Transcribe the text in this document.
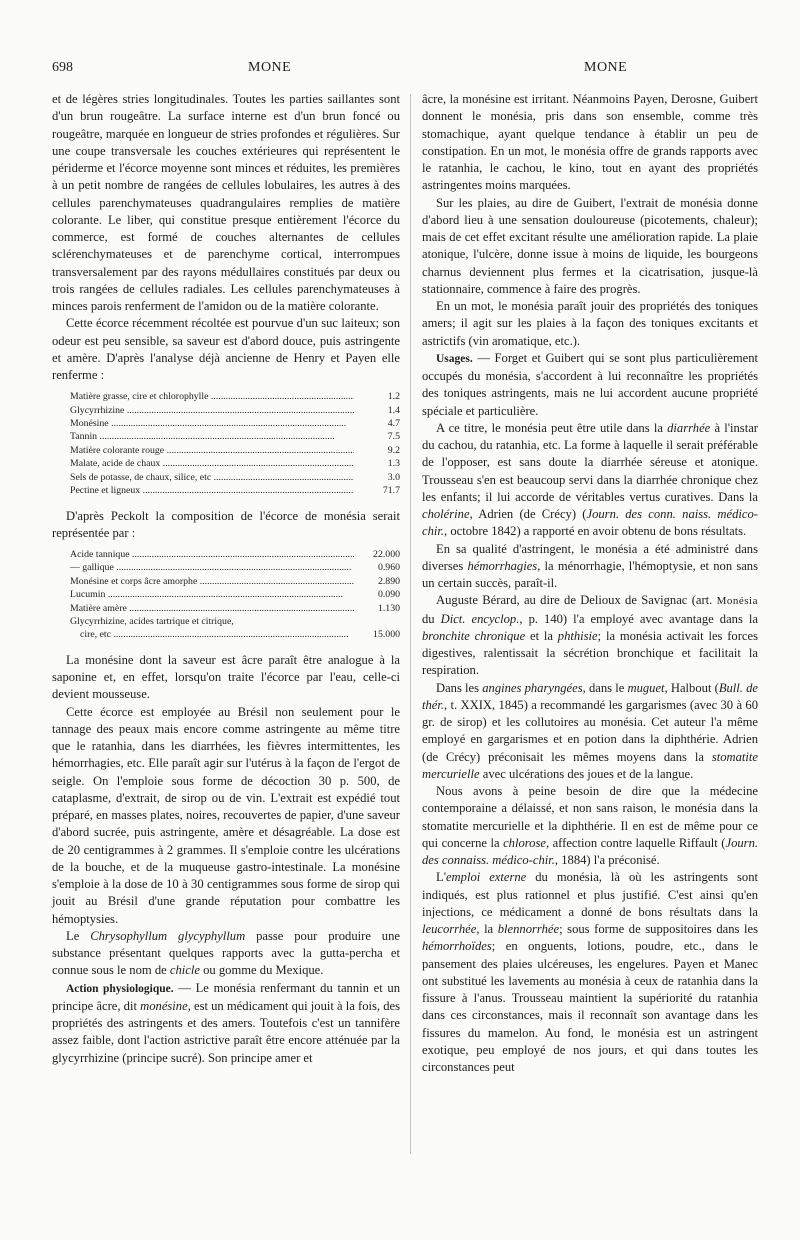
698	MONE	MONE

et de légères stries longitudinales. Toutes les parties saillantes sont d'un brun rougeâtre. La surface interne est d'un brun foncé ou rougeâtre, marquée en longueur de stries profondes et régulières. Sur une coupe transversale les couches extérieures qui représentent le périderme et l'écorce moyenne sont minces et réduites, les premières à un petit nombre de rangées de cellules lobulaires, les autres à des cellules parenchymateuses quadrangulaires remplies de matière colorante. Le liber, qui constitue presque entièrement l'écorce du commerce, est formé de couches alternantes de cellules sclérenchymateuses et de parenchyme cortical, interrompues transversalement par des rayons médullaires constitués par deux ou trois rangées de cellules radiales. Les cellules parenchymateuses à minces parois renferment de l'amidon ou de la matière colorante.

Cette écorce récemment récoltée est pourvue d'un suc laiteux; son odeur est peu sensible, sa saveur est d'abord douce, puis astringente et amère. D'après l'analyse déjà ancienne de Henry et Payen elle renferme :

Matière grasse, cire et chlorophylle .....	1.2
Glycyrrhizine .....	1.4
Monésine .....	4.7
Tannin .....	7.5
Matière colorante rouge .....	9.2
Malate, acide de chaux .....	1.3
Sels de potasse, de chaux, silice, etc .....	3.0
Pectine et ligneux .....	71.7

D'après Peckolt la composition de l'écorce de monésia serait représentée par :

Acide tannique .....	22.000
— gallique .....	0.960
Monésine et corps âcre amorphe .....	2.890
Lucumin .....	0.090
Matière amère .....	1.130
Glycyrrhizine, acides tartrique et citrique,
cire, etc .....	15.000

La monésine dont la saveur est âcre paraît être analogue à la saponine et, en effet, lorsqu'on traite l'écorce par l'eau, celle-ci devient mousseuse.

Cette écorce est employée au Brésil non seulement pour le tannage des peaux mais encore comme astringente au même titre que le ratanhia, dans les diarrhées, les fièvres intermittentes, les hémorrhagies, etc. Elle paraît agir sur l'utérus à la façon de l'ergot de seigle. On l'emploie sous forme de décoction 30 p. 500, de cataplasme, d'extrait, de sirop ou de vin. L'extrait est expédié tout préparé, en masses plates, noires, recouvertes de papier, d'une saveur d'abord sucrée, puis astringente, amère et désagréable. La dose est de 20 centigrammes à 2 grammes. Il s'emploie contre les ulcérations de la bouche, et de la muqueuse gastro-intestinale. La monésine s'emploie à la dose de 10 à 30 centigrammes sous forme de sirop qui jouit au Brésil d'une grande réputation pour combattre les hémoptysies.

Le Chrysophyllum glycyphyllum passe pour produire une substance présentant quelques rapports avec la gutta-percha et connue sous le nom de chicle ou gomme du Mexique.

Action physiologique. — Le monésia renfermant du tannin et un principe âcre, dit monésine, est un médicament qui jouit à la fois, des propriétés des astringents et des amers. Toutefois c'est un tannifère assez faible, dont l'action astrictive paraît être encore atténuée par la glycyrrhizine (principe sucré). Son principe amer et

âcre, la monésine est irritant. Néanmoins Payen, Derosne, Guibert donnent le monésia, pris dans son ensemble, comme très stomachique, ayant quelque tendance à établir un peu de constipation. En un mot, le monésia offre de grands rapports avec le ratanhia, le cachou, le kino, tout en ayant des propriétés astringentes moins marquées.

Sur les plaies, au dire de Guibert, l'extrait de monésia donne d'abord lieu à une sensation douloureuse (picotements, chaleur); mais de cet effet excitant résulte une amélioration rapide. La plaie atonique, l'ulcère, donne issue à moins de liquide, les bourgeons charnus deviennent plus fermes et la cicatrisation, jusque-là stationnaire, commence à faire des progrès.

En un mot, le monésia paraît jouir des propriétés des toniques amers; il agit sur les plaies à la façon des toniques excitants et astrictifs (vin aromatique, etc.).

Usages. — Forget et Guibert qui se sont plus particulièrement occupés du monésia, s'accordent à lui reconnaître les propriétés des toniques astringents, mais ne lui accordent aucune propriété spéciale et particulière.

A ce titre, le monésia peut être utile dans la diarrhée à l'instar du cachou, du ratanhia, etc. La forme à laquelle il serait préférable de l'opposer, est sans doute la diarrhée séreuse et atonique. Trousseau s'en est beaucoup servi dans la diarrhée chronique chez les enfants; il lui accorde de véritables vertus curatives. Dans la cholérine, Adrien (de Crécy) (Journ. des conn. naiss. médico-chir., octobre 1842) a rapporté en avoir obtenu de bons résultats.

En sa qualité d'astringent, le monésia a été administré dans diverses hémorrhagies, la ménorrhagie, l'hémoptysie, et non sans un certain succès, paraît-il.

Auguste Bérard, au dire de Delioux de Savignac (art. Monésia du Dict. encyclop., p. 140) l'a employé avec avantage dans la bronchite chronique et la phthisie; la monésia activait les forces digestives, ralentissait la sécrétion bronchique et facilitait la respiration.

Dans les angines pharyngées, dans le muguet, Halbout (Bull. de thér., t. XXIX, 1845) a recommandé les gargarismes (avec 30 à 60 gr. de sirop) et les collutoires au monésia. Cet auteur l'a même employé en gargarismes et en potion dans la diphthérie. Adrien (de Crécy) préconisait les mêmes moyens dans la stomatite mercurielle avec ulcérations des joues et de la langue.

Nous avons à peine besoin de dire que la médecine contemporaine a délaissé, et non sans raison, le monésia dans la stomatite mercurielle et la diphthérie. Il en est de même pour ce qui concerne la chlorose, affection contre laquelle Riffault (Journ. des connaiss. médico-chir., 1884) l'a préconisé.

L'emploi externe du monésia, là où les astringents sont indiqués, est plus rationnel et plus justifié. C'est ainsi qu'en injections, ce médicament a donné de bons résultats dans la leucorrhée, la blennorrhée; sous forme de suppositoires dans les hémorrhoïdes; en onguents, lotions, poudre, etc., dans le pansement des plaies ulcéreuses, les engelures. Payen et Manec ont substitué les lavements au monésia à ceux de ratanhia dans la fissure à l'anus. Trousseau maintient la supériorité du ratanhia dans ces circonstances, mais il reconnaît son avantage dans les fissures du mamelon. Au fond, le monésia est un astringent exotique, peu employé de nos jours, et qui dans toutes les circonstances peut
